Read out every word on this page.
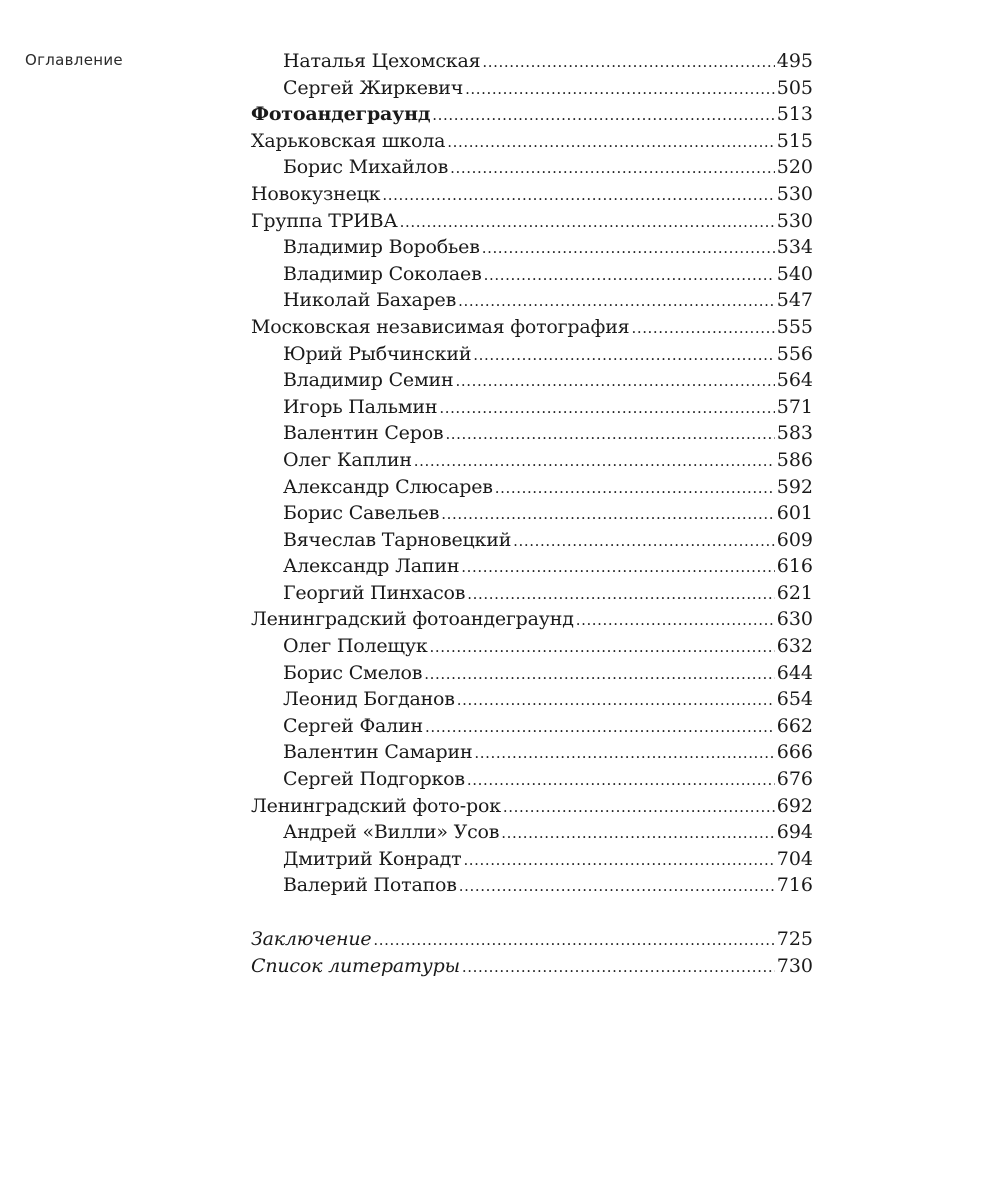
Оглавление	Наталья Цехомская .....	495
Сергей Жиркевич .....	505
Фотоандеграунд .....	513
Харьковская школа .....	515
Борис Михайлов .....	520
Новокузнецк .....	530
Группа ТРИВА .....	530
Владимир Воробьев .....	534
Владимир Соколаев .....	540
Николай Бахарев .....	547
Московская независимая фотография .....	555
Юрий Рыбчинский .....	556
Владимир Семин .....	564
Игорь Пальмин .....	571
Валентин Серов .....	583
Олег Каплин .....	586
Александр Слюсарев .....	592
Борис Савельев .....	601
Вячеслав Тарновецкий .....	609
Александр Лапин .....	616
Георгий Пинхасов .....	621
Ленинградский фотоандеграунд .....	630
Олег Полещук .....	632
Борис Смелов .....	644
Леонид Богданов .....	654
Сергей Фалин .....	662
Валентин Самарин .....	666
Сергей Подгорков .....	676
Ленинградский фото-рок .....	692
Андрей «Вилли» Усов .....	694
Дмитрий Конрадт .....	704
Валерий Потапов .....	716
Заключение .....	725
Список литературы .....	730
